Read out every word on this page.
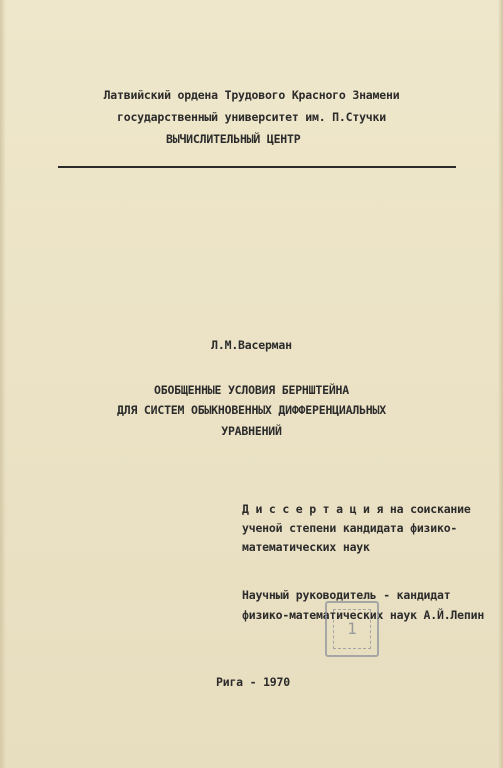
Латвийский ордена Трудового Красного Знамени
государственный университет им. П.Стучки
ВЫЧИСЛИТЕЛЬНЫЙ ЦЕНТР
Л.М.Васерман
ОБОБЩЕННЫЕ УСЛОВИЯ БЕРНШТЕЙНА
ДЛЯ СИСТЕМ ОБЫКНОВЕННЫХ ДИФФЕРЕНЦИАЛЬНЫХ
УРАВНЕНИЙ
Д и с с е р т а ц и я на соискание
ученой степени кандидата физико-
математических наук
Научный руководитель - кандидат
физико-математических наук А.Й.Лепин
1
Рига - 1970
